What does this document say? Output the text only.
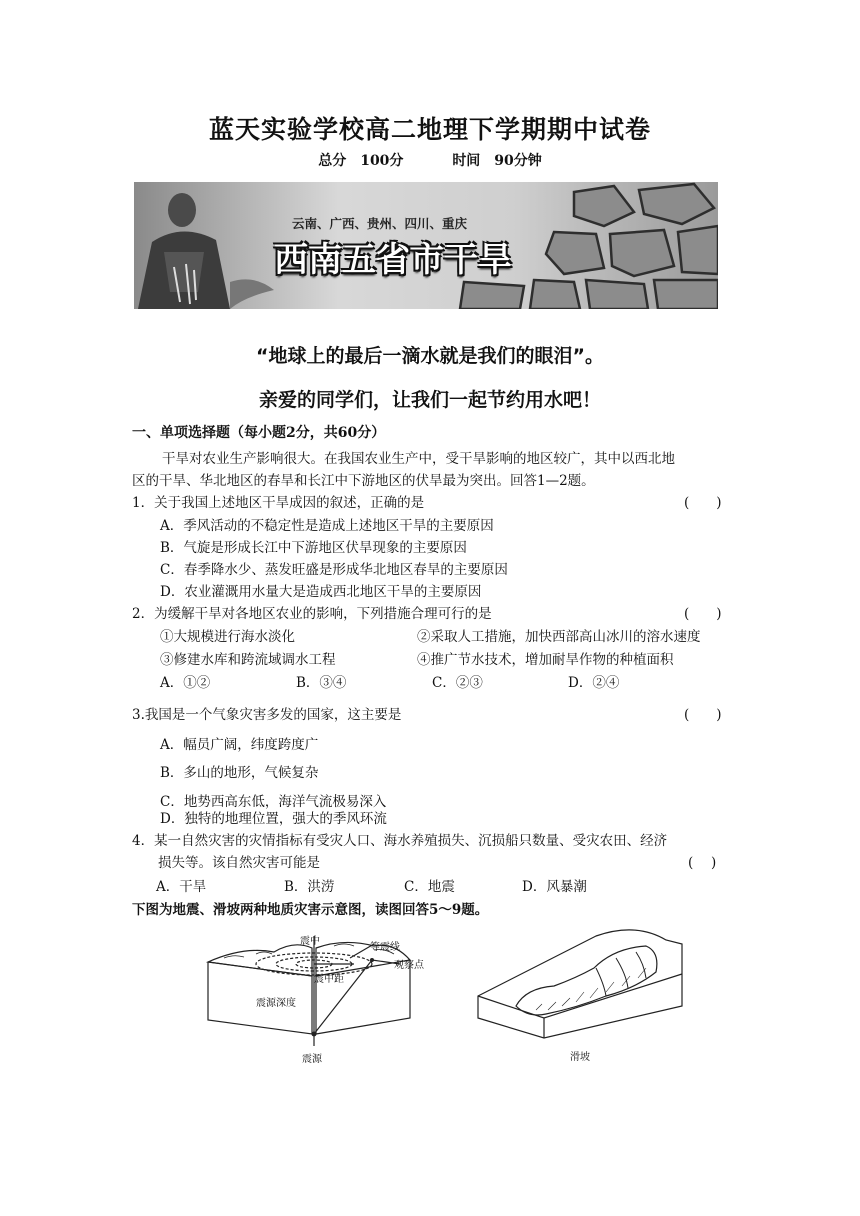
蓝天实验学校高二地理下学期期中试卷
总分　100分	时间　90分钟
云南、广西、贵州、四川、重庆
西南五省市干旱
“地球上的最后一滴水就是我们的眼泪”。
亲爱的同学们，让我们一起节约用水吧！
一、单项选择题（每小题2分，共60分）
干旱对农业生产影响很大。在我国农业生产中，受干旱影响的地区较广，其中以西北地
区的干旱、华北地区的春旱和长江中下游地区的伏旱最为突出。回答1—2题。
1．关于我国上述地区干旱成因的叙述，正确的是	(　　)
A．季风活动的不稳定性是造成上述地区干旱的主要原因
B．气旋是形成长江中下游地区伏旱现象的主要原因
C．春季降水少、蒸发旺盛是形成华北地区春旱的主要原因
D．农业灌溉用水量大是造成西北地区干旱的主要原因
2．为缓解干旱对各地区农业的影响，下列措施合理可行的是	(　　)
①大规模进行海水淡化	②采取人工措施，加快西部高山冰川的溶水速度
③修建水库和跨流域调水工程	④推广节水技术，增加耐旱作物的种植面积
A．①②	B．③④	C．②③	D．②④
3.我国是一个气象灾害多发的国家，这主要是	(　　)
A．幅员广阔，纬度跨度广
B．多山的地形，气候复杂
C．地势西高东低，海洋气流极易深入
D．独特的地理位置，强大的季风环流
4．某一自然灾害的灾情指标有受灾人口、海水养殖损失、沉损船只数量、受灾农田、经济
损失等。该自然灾害可能是	(　 )
A．干旱	B．洪涝	C．地震	D．风暴潮
下图为地震、滑坡两种地质灾害示意图，读图回答5～9题。
震中
等震线
观察点
震中距
震源深度
震源	滑坡
